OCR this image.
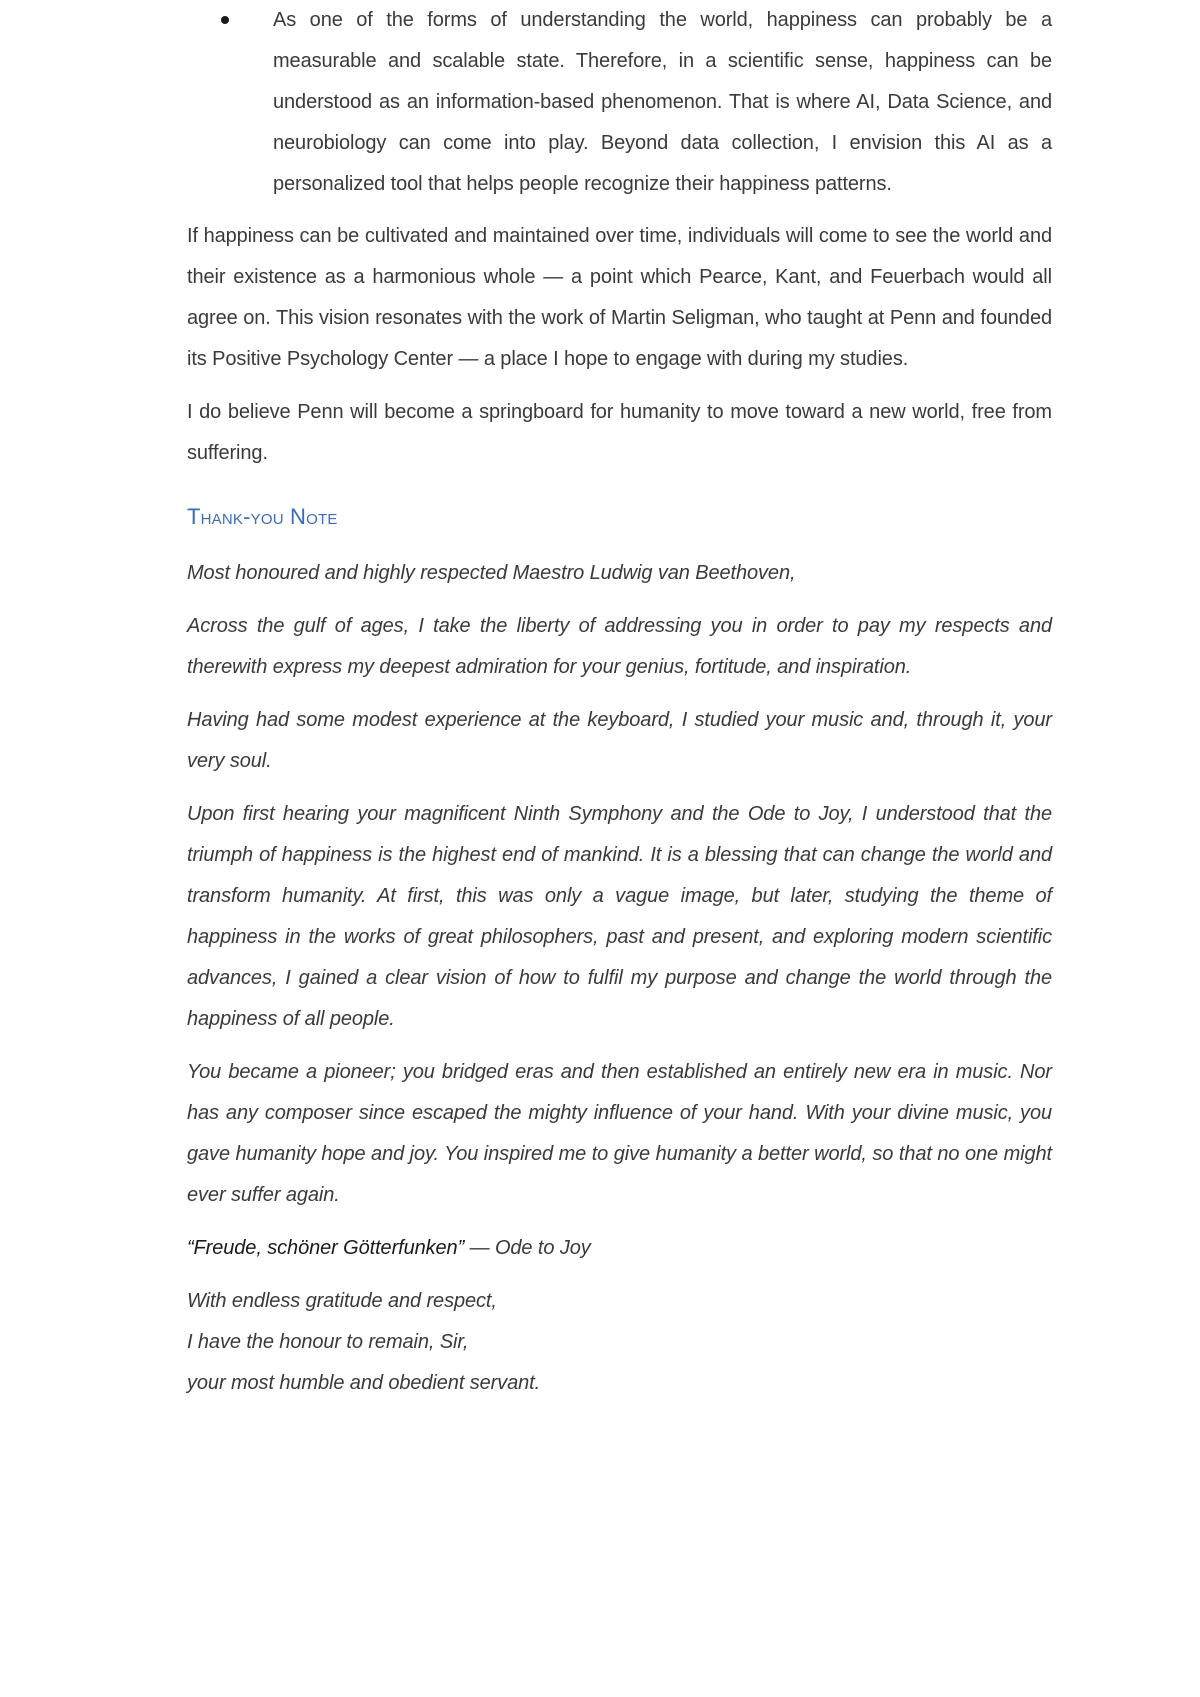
As one of the forms of understanding the world, happiness can probably be a measurable and scalable state. Therefore, in a scientific sense, happiness can be understood as an information-based phenomenon. That is where AI, Data Science, and neurobiology can come into play. Beyond data collection, I envision this AI as a personalized tool that helps people recognize their happiness patterns.

If happiness can be cultivated and maintained over time, individuals will come to see the world and their existence as a harmonious whole — a point which Pearce, Kant, and Feuerbach would all agree on. This vision resonates with the work of Martin Seligman, who taught at Penn and founded its Positive Psychology Center — a place I hope to engage with during my studies.

I do believe Penn will become a springboard for humanity to move toward a new world, free from suffering.

Thank-you Note

Most honoured and highly respected Maestro Ludwig van Beethoven,

Across the gulf of ages, I take the liberty of addressing you in order to pay my respects and therewith express my deepest admiration for your genius, fortitude, and inspiration.

Having had some modest experience at the keyboard, I studied your music and, through it, your very soul.

Upon first hearing your magnificent Ninth Symphony and the Ode to Joy, I understood that the triumph of happiness is the highest end of mankind. It is a blessing that can change the world and transform humanity. At first, this was only a vague image, but later, studying the theme of happiness in the works of great philosophers, past and present, and exploring modern scientific advances, I gained a clear vision of how to fulfil my purpose and change the world through the happiness of all people.

You became a pioneer; you bridged eras and then established an entirely new era in music. Nor has any composer since escaped the mighty influence of your hand. With your divine music, you gave humanity hope and joy. You inspired me to give humanity a better world, so that no one might ever suffer again.

“Freude, schöner Götterfunken” — Ode to Joy

With endless gratitude and respect,

I have the honour to remain, Sir,

your most humble and obedient servant.
